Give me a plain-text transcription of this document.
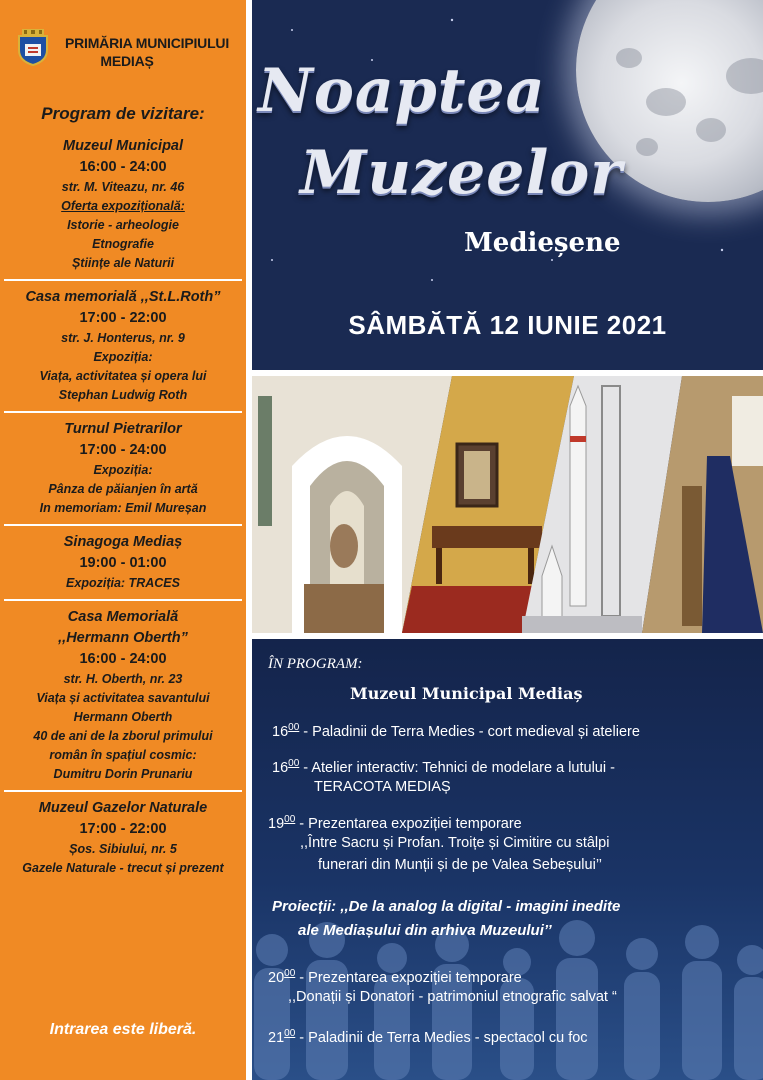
PRIMĂRIA MUNICIPIULUI
MEDIAȘ
Program de vizitare:
Muzeul Municipal
16:00 - 24:00
str. M. Viteazu, nr. 46
Oferta expozițională:
Istorie - arheologie
Etnografie
Științe ale Naturii
Casa memorială ,,St.L.Roth”
17:00 - 22:00
str. J. Honterus, nr. 9
Expoziția:
Viața, activitatea și opera lui
Stephan Ludwig Roth
Turnul Pietrarilor
17:00 - 24:00
Expoziția:
Pânza de păianjen în artă
In memoriam: Emil Mureșan
Sinagoga Mediaș
19:00 - 01:00
Expoziția: TRACES
Casa Memorială
,,Hermann Oberth”
16:00 - 24:00
str. H. Oberth, nr. 23
Viața și activitatea savantului
Hermann Oberth
40 de ani de la zborul primului
român în spațiul cosmic:
Dumitru Dorin Prunariu
Muzeul Gazelor Naturale
17:00 - 22:00
Șos. Sibiului, nr. 5
Gazele Naturale - trecut și prezent
Intrarea este liberă.
Noaptea
Muzeelor
Medieșene
SÂMBĂTĂ 12 IUNIE 2021
ÎN PROGRAM:
Muzeul Municipal Mediaș
$16^{00}$ - Paladinii de Terra Medies - cort medieval și ateliere
$16^{00}$ - Atelier interactiv: Tehnici de modelare a lutului -
TERACOTA MEDIAȘ
$19^{00}$ - Prezentarea expoziției temporare
,,Între Sacru și Profan. Troițe și Cimitire cu stâlpi
funerari din Munții și de pe Valea Sebeșului’’
Proiecții: ,,De la analog la digital - imagini inedite
ale Mediașului din arhiva Muzeului’’
$20^{00}$ - Prezentarea expoziției temporare
,,Donații și Donatori - patrimoniul etnografic salvat “
$21^{00}$ - Paladinii de Terra Medies - spectacol cu foc
